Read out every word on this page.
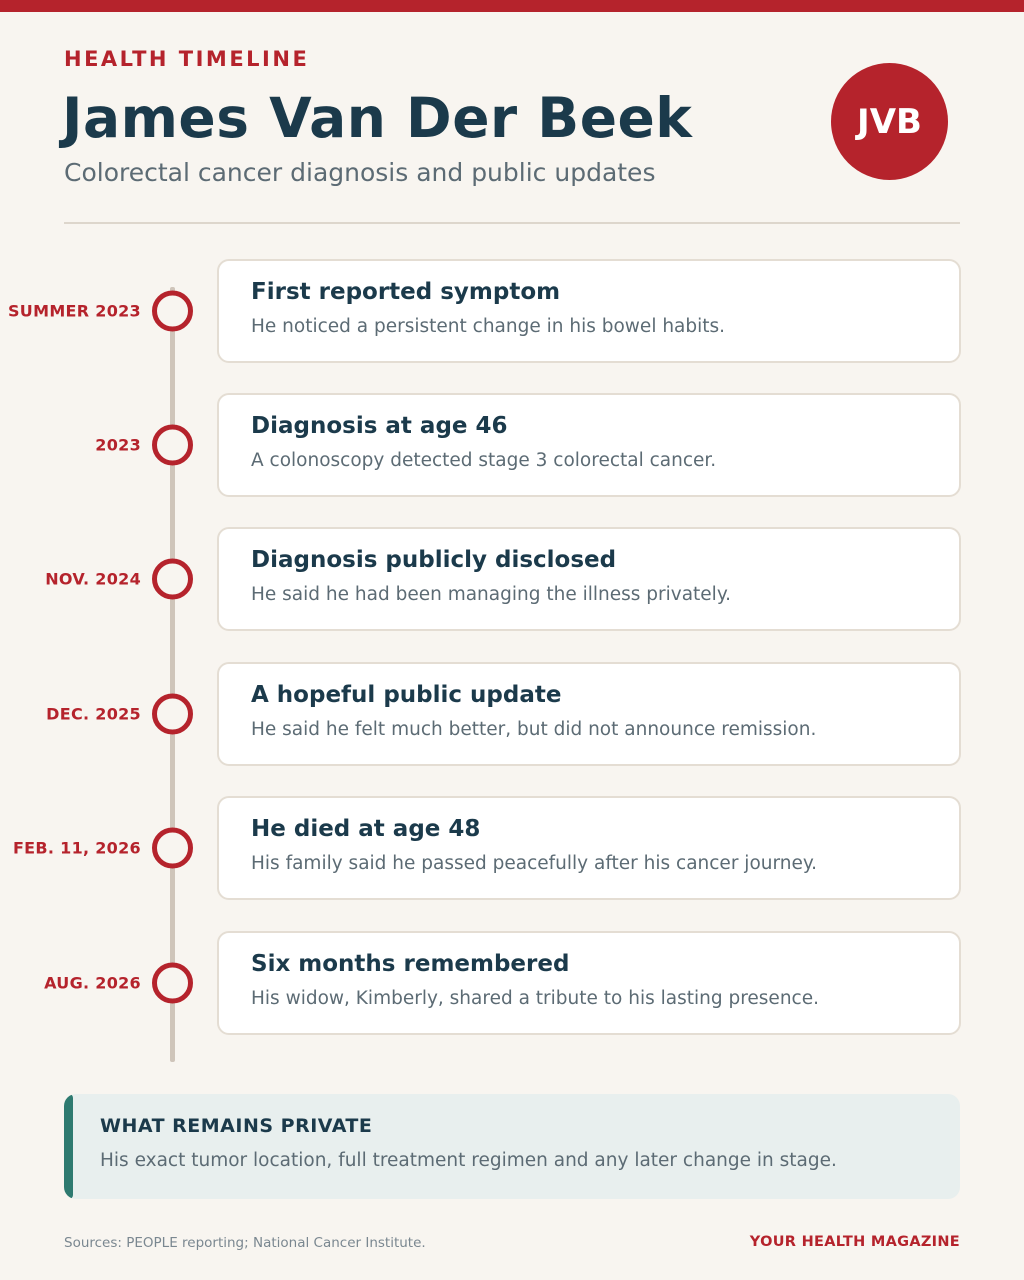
HEALTH TIMELINE
James Van Der Beek
Colorectal cancer diagnosis and public updates
JVB
SUMMER 2023
First reported symptom
He noticed a persistent change in his bowel habits.
2023
Diagnosis at age 46
A colonoscopy detected stage 3 colorectal cancer.
NOV. 2024
Diagnosis publicly disclosed
He said he had been managing the illness privately.
DEC. 2025
A hopeful public update
He said he felt much better, but did not announce remission.
FEB. 11, 2026
He died at age 48
His family said he passed peacefully after his cancer journey.
AUG. 2026
Six months remembered
His widow, Kimberly, shared a tribute to his lasting presence.
WHAT REMAINS PRIVATE
His exact tumor location, full treatment regimen and any later change in stage.
Sources: PEOPLE reporting; National Cancer Institute.	YOUR HEALTH MAGAZINE
